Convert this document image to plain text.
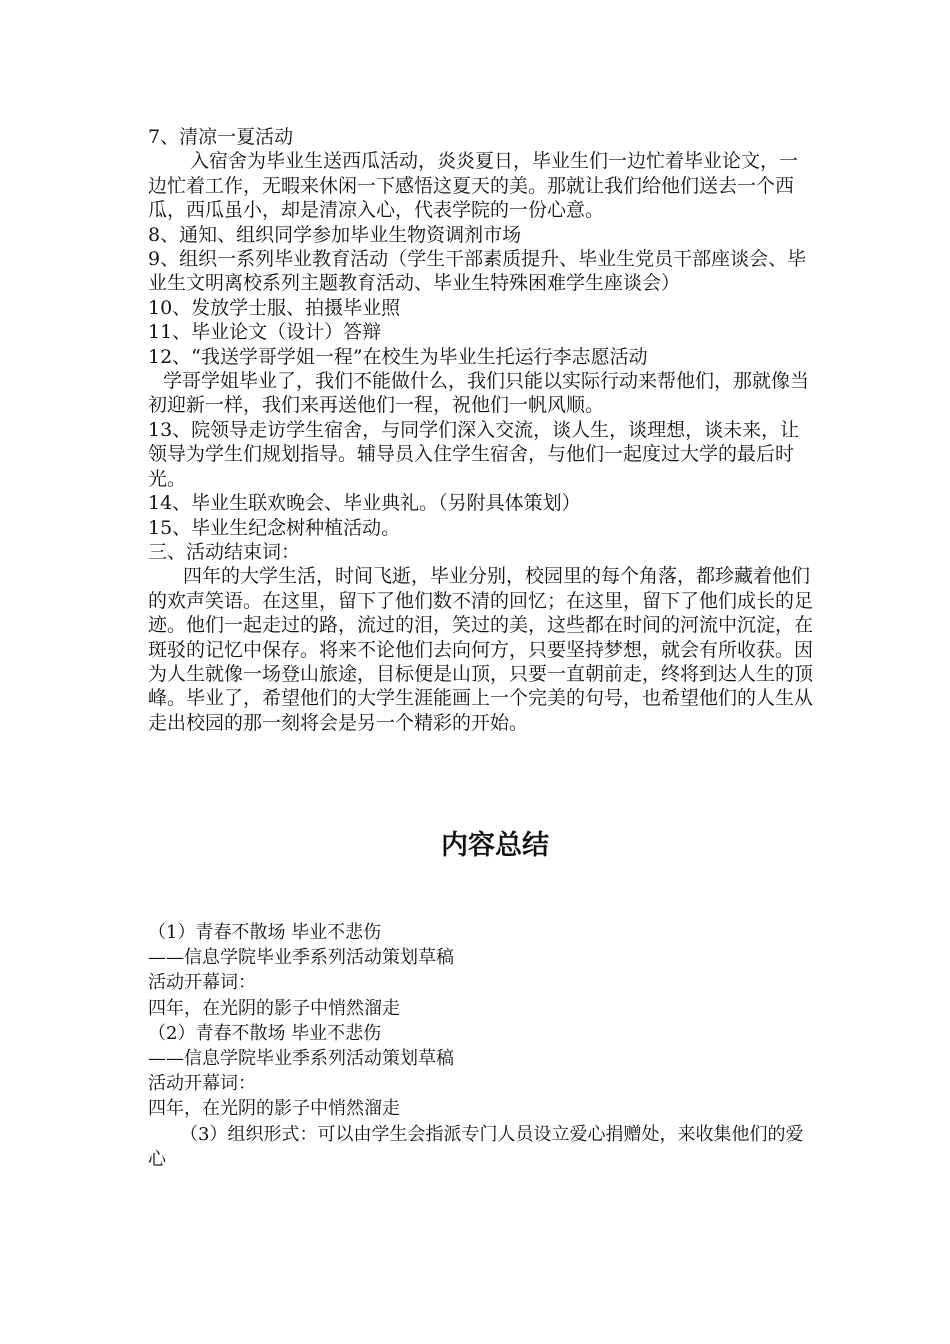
7、清凉一夏活动

入宿舍为毕业生送西瓜活动，炎炎夏日，毕业生们一边忙着毕业论文，一边忙着工作，无暇来休闲一下感悟这夏天的美。那就让我们给他们送去一个西瓜，西瓜虽小，却是清凉入心，代表学院的一份心意。

8、通知、组织同学参加毕业生物资调剂市场

9、组织一系列毕业教育活动（学生干部素质提升、毕业生党员干部座谈会、毕业生文明离校系列主题教育活动、毕业生特殊困难学生座谈会）

10、发放学士服、拍摄毕业照

11、毕业论文（设计）答辩

12、“我送学哥学姐一程”在校生为毕业生托运行李志愿活动

学哥学姐毕业了，我们不能做什么，我们只能以实际行动来帮他们，那就像当初迎新一样，我们来再送他们一程，祝他们一帆风顺。

13、院领导走访学生宿舍，与同学们深入交流，谈人生，谈理想，谈未来，让领导为学生们规划指导。辅导员入住学生宿舍，与他们一起度过大学的最后时光。

14、毕业生联欢晚会、毕业典礼。（另附具体策划）

15、毕业生纪念树种植活动。

三、活动结束词：

四年的大学生活，时间飞逝，毕业分别，校园里的每个角落，都珍藏着他们的欢声笑语。在这里，留下了他们数不清的回忆；在这里，留下了他们成长的足迹。他们一起走过的路，流过的泪，笑过的美，这些都在时间的河流中沉淀，在斑驳的记忆中保存。将来不论他们去向何方，只要坚持梦想，就会有所收获。因为人生就像一场登山旅途，目标便是山顶，只要一直朝前走，终将到达人生的顶峰。毕业了，希望他们的大学生涯能画上一个完美的句号，也希望他们的人生从走出校园的那一刻将会是另一个精彩的开始。

内容总结

（1）青春不散场 毕业不悲伤

——信息学院毕业季系列活动策划草稿

活动开幕词：

四年，在光阴的影子中悄然溜走

（2）青春不散场 毕业不悲伤

——信息学院毕业季系列活动策划草稿

活动开幕词：

四年，在光阴的影子中悄然溜走

（3）组织形式：可以由学生会指派专门人员设立爱心捐赠处，来收集他们的爱心
